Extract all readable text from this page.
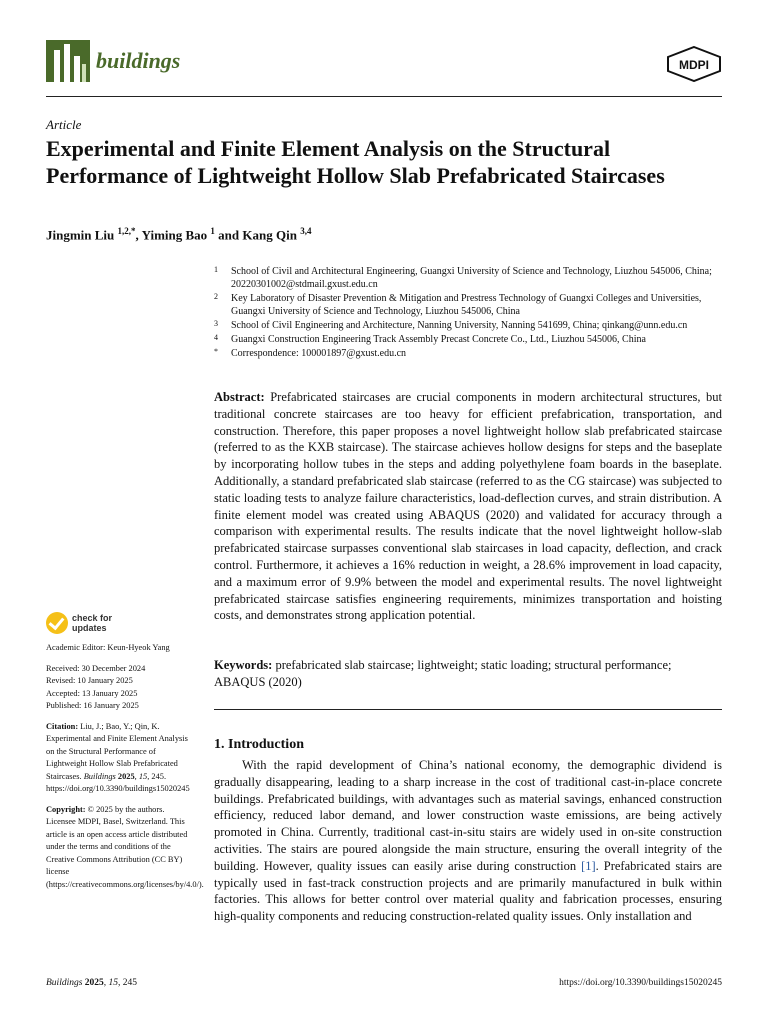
buildings	MDPI
Article
Experimental and Finite Element Analysis on the Structural Performance of Lightweight Hollow Slab Prefabricated Staircases
Jingmin Liu $^{1,2,*}$, Yiming Bao $^1$ and Kang Qin $^{3,4}$
1 School of Civil and Architectural Engineering, Guangxi University of Science and Technology, Liuzhou 545006, China; 20220301002@stdmail.gxust.edu.cn
2 Key Laboratory of Disaster Prevention & Mitigation and Prestress Technology of Guangxi Colleges and Universities, Guangxi University of Science and Technology, Liuzhou 545006, China
3 School of Civil Engineering and Architecture, Nanning University, Nanning 541699, China; qinkang@unn.edu.cn
4 Guangxi Construction Engineering Track Assembly Precast Concrete Co., Ltd., Liuzhou 545006, China
* Correspondence: 100001897@gxust.edu.cn

Abstract: Prefabricated staircases are crucial components in modern architectural structures, but traditional concrete staircases are too heavy for efficient prefabrication, transportation, and construction. Therefore, this paper proposes a novel lightweight hollow slab prefabricated staircase (referred to as the KXB staircase). The staircase achieves hollow designs for steps and the baseplate by incorporating hollow tubes in the steps and adding polyethylene foam boards in the baseplate. Additionally, a standard prefabricated slab staircase (referred to as the CG staircase) was subjected to static loading tests to analyze failure characteristics, load-deflection curves, and strain distribution. A finite element model was created using ABAQUS (2020) and validated for accuracy through a comparison with experimental results. The results indicate that the novel lightweight hollow-slab prefabricated staircase surpasses conventional slab staircases in load capacity, deflection, and crack control. Furthermore, it achieves a 16% reduction in weight, a 28.6% improvement in load capacity, and a maximum error of 9.9% between the model and experimental results. The novel lightweight prefabricated staircase satisfies engineering requirements, minimizes transportation and hoisting costs, and demonstrates strong application potential.

Keywords: prefabricated slab staircase; lightweight; static loading; structural performance; ABAQUS (2020)

1. Introduction

With the rapid development of China’s national economy, the demographic dividend is gradually disappearing, leading to a sharp increase in the cost of traditional cast-in-place concrete buildings. Prefabricated buildings, with advantages such as material savings, enhanced construction efficiency, reduced labor demand, and lower construction waste emissions, are being actively promoted in China. Currently, traditional cast-in-situ stairs are widely used in on-site construction activities. The stairs are poured alongside the main structure, ensuring the overall integrity of the building. However, quality issues can easily arise during construction [1]. Prefabricated stairs are typically used in fast-track construction projects and are primarily manufactured in bulk within factories. This allows for better control over material quality and fabrication processes, ensuring high-quality components and reducing construction-related quality issues. Only installation and

check for
updates
Academic Editor: Keun-Hyeok Yang
Received: 30 December 2024
Revised: 10 January 2025
Accepted: 13 January 2025
Published: 16 January 2025
Citation: Liu, J.; Bao, Y.; Qin, K. Experimental and Finite Element Analysis on the Structural Performance of Lightweight Hollow Slab Prefabricated Staircases. Buildings 2025, 15, 245. https://doi.org/10.3390/buildings15020245
Copyright: © 2025 by the authors. Licensee MDPI, Basel, Switzerland. This article is an open access article distributed under the terms and conditions of the Creative Commons Attribution (CC BY) license (https://creativecommons.org/licenses/by/4.0/).
Buildings 2025, 15, 245	https://doi.org/10.3390/buildings15020245
